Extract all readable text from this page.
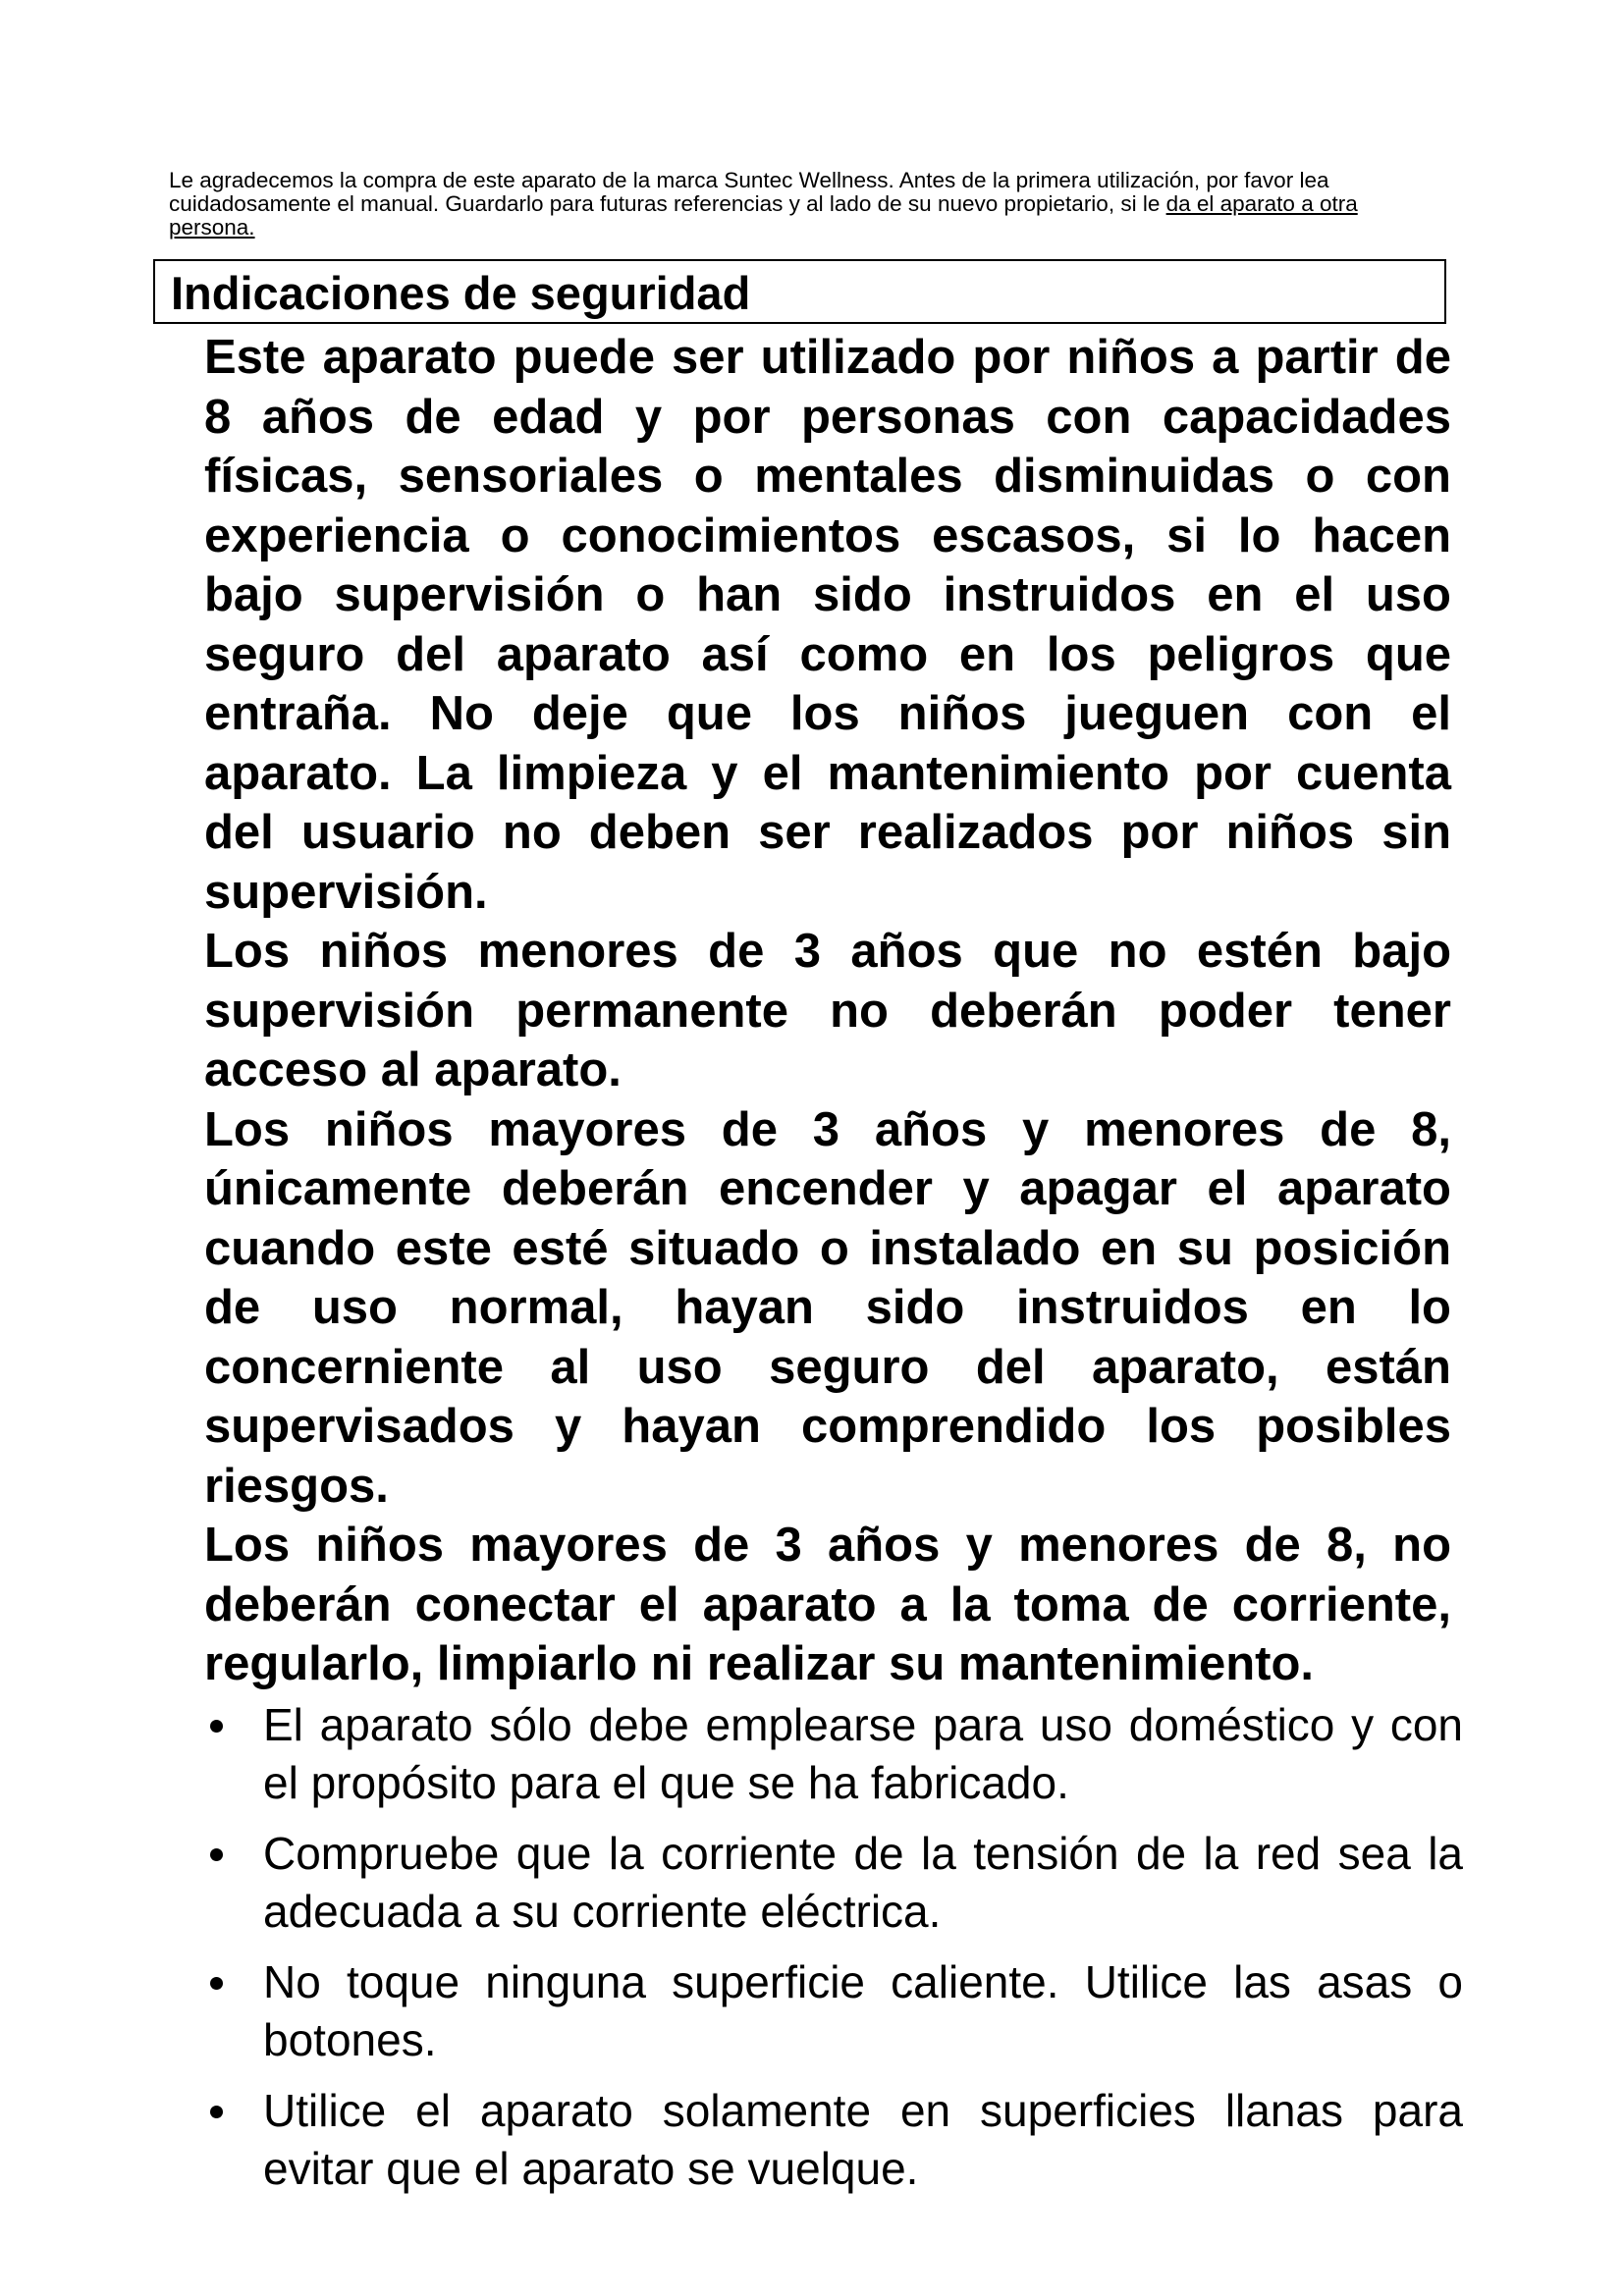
Le agradecemos la compra de este aparato de la marca Suntec Wellness. Antes de la primera utilización, por favor lea cuidadosamente el manual. Guardarlo para futuras referencias y al lado de su nuevo propietario, si le da el aparato a otra persona.

Indicaciones de seguridad

Este aparato puede ser utilizado por niños a partir de 8 años de edad y por personas con capacidades físicas, sensoriales o mentales disminuidas o con experiencia o conocimientos escasos, si lo hacen bajo supervisión o han sido instruidos en el uso seguro del aparato así como en los peligros que entraña. No deje que los niños jueguen con el aparato. La limpieza y el mantenimiento por cuenta del usuario no deben ser realizados por niños sin supervisión.

Los niños menores de 3 años que no estén bajo supervisión permanente no deberán poder tener acceso al aparato.

Los niños mayores de 3 años y menores de 8, únicamente deberán encender y apagar el aparato cuando este esté situado o instalado en su posición de uso normal, hayan sido instruidos en lo concerniente al uso seguro del aparato, están supervisados y hayan comprendido los posibles riesgos.

Los niños mayores de 3 años y menores de 8, no deberán conectar el aparato a la toma de corriente, regularlo, limpiarlo ni realizar su mantenimiento.

El aparato sólo debe emplearse para uso doméstico y con el propósito para el que se ha fabricado.
Compruebe que la corriente de la tensión de la red sea la adecuada a su corriente eléctrica.
No toque ninguna superficie caliente. Utilice las asas o botones.
Utilice el aparato solamente en superficies llanas para evitar que el aparato se vuelque.
